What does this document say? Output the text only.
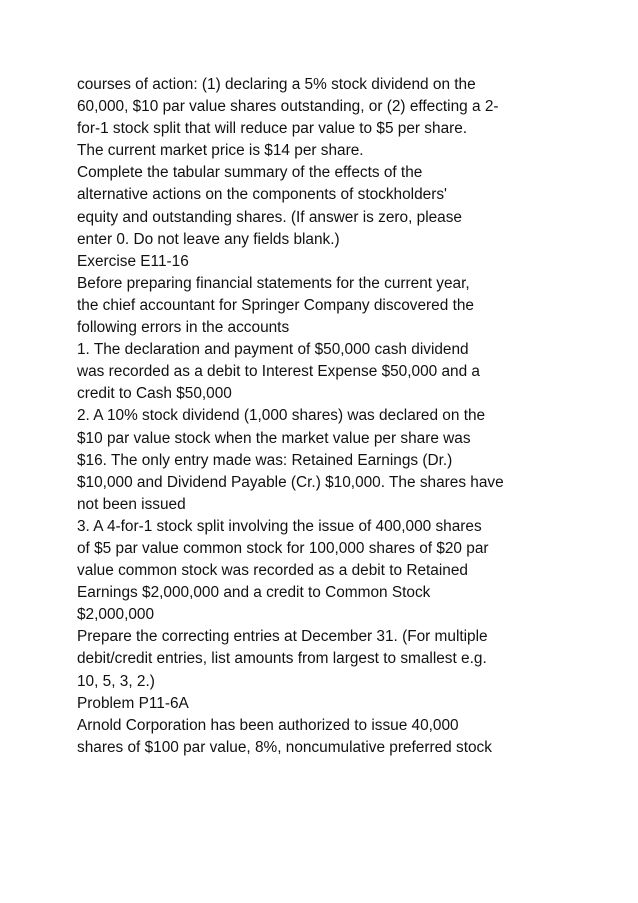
courses of action: (1) declaring a 5% stock dividend on the
60,000, $10 par value shares outstanding, or (2) effecting a 2-
for-1 stock split that will reduce par value to $5 per share.
The current market price is $14 per share.
Complete the tabular summary of the effects of the
alternative actions on the components of stockholders'
equity and outstanding shares. (If answer is zero, please
enter 0. Do not leave any fields blank.)
Exercise E11-16
Before preparing financial statements for the current year,
the chief accountant for Springer Company discovered the
following errors in the accounts
1. The declaration and payment of $50,000 cash dividend
was recorded as a debit to Interest Expense $50,000 and a
credit to Cash $50,000
2. A 10% stock dividend (1,000 shares) was declared on the
$10 par value stock when the market value per share was
$16. The only entry made was: Retained Earnings (Dr.)
$10,000 and Dividend Payable (Cr.) $10,000. The shares have
not been issued
3. A 4-for-1 stock split involving the issue of 400,000 shares
of $5 par value common stock for 100,000 shares of $20 par
value common stock was recorded as a debit to Retained
Earnings $2,000,000 and a credit to Common Stock
$2,000,000
Prepare the correcting entries at December 31. (For multiple
debit/credit entries, list amounts from largest to smallest e.g.
10, 5, 3, 2.)
Problem P11-6A
Arnold Corporation has been authorized to issue 40,000
shares of $100 par value, 8%, noncumulative preferred stock
